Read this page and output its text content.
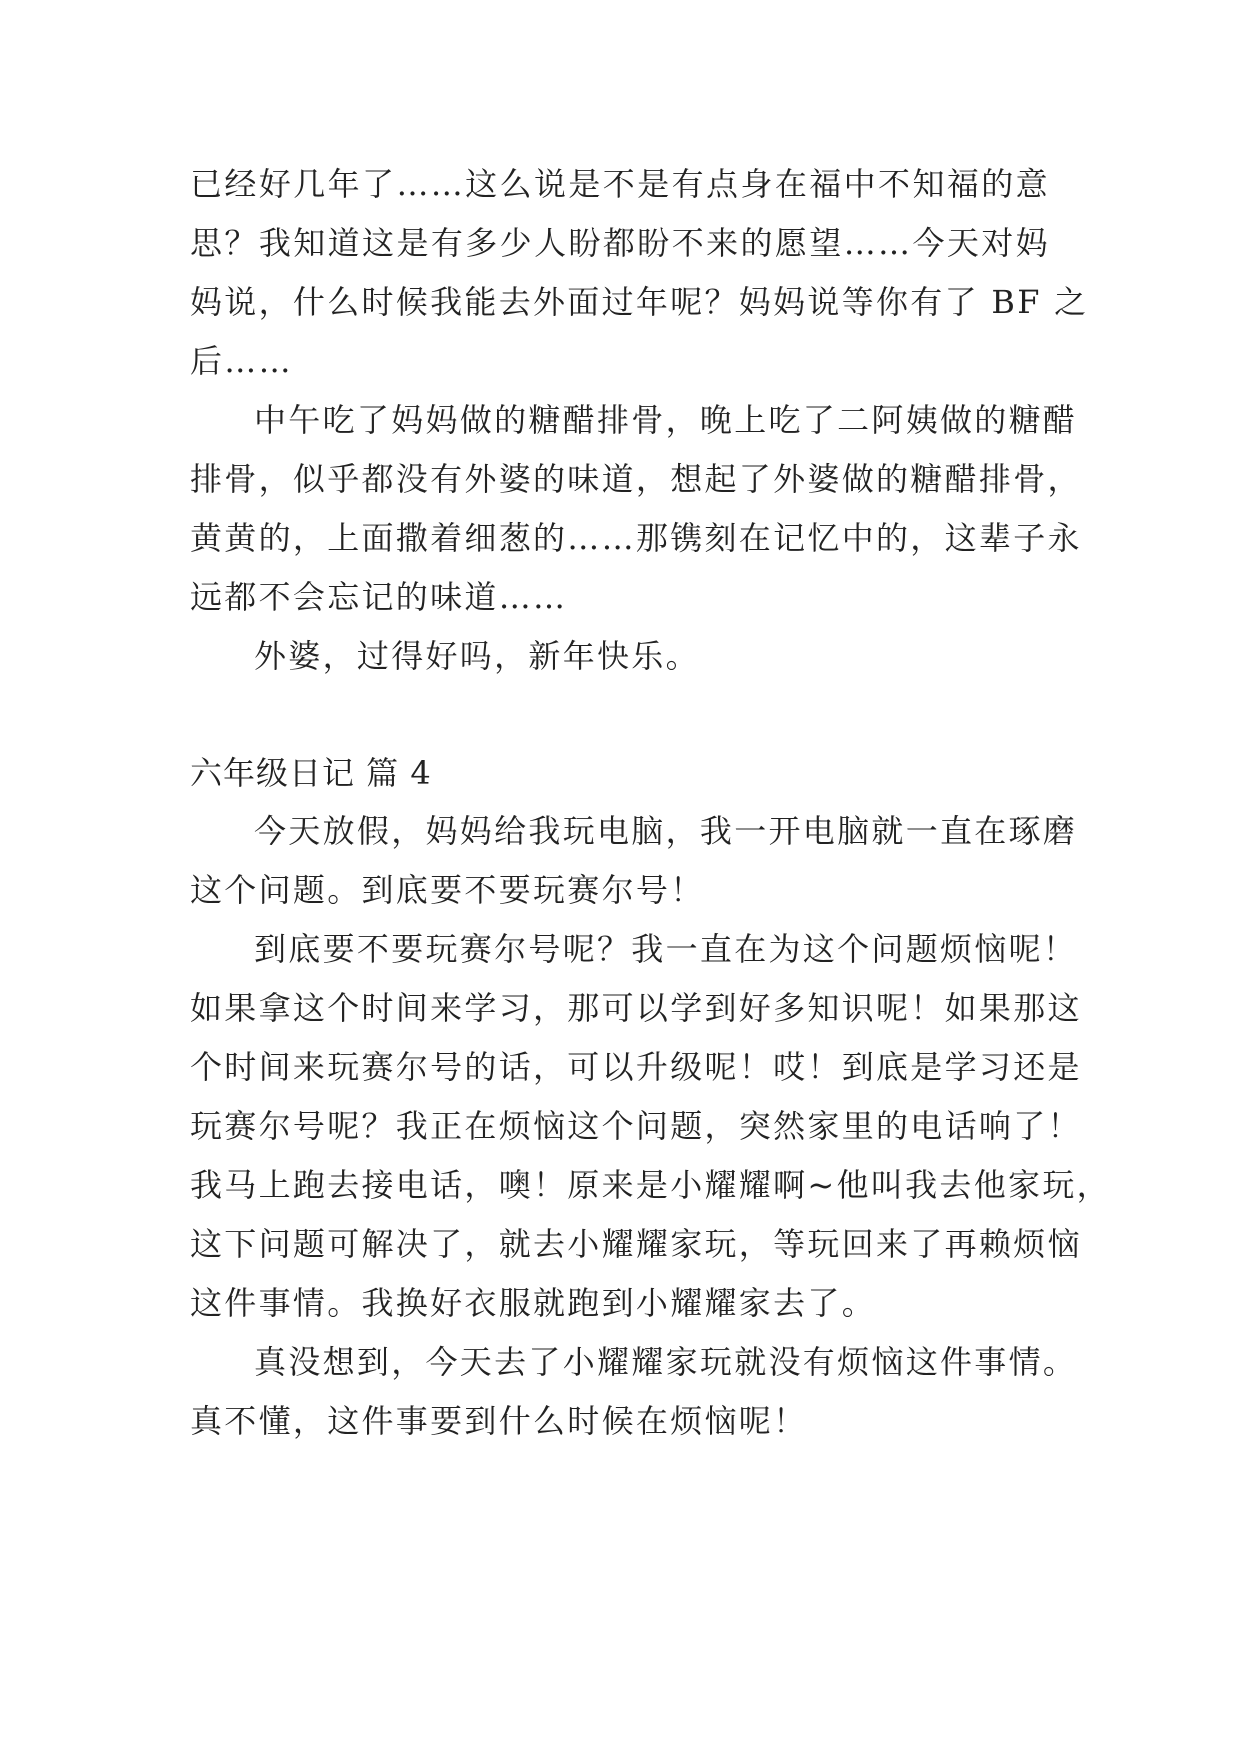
已经好几年了……这么说是不是有点身在福中不知福的意
思？我知道这是有多少人盼都盼不来的愿望……今天对妈
妈说，什么时候我能去外面过年呢？妈妈说等你有了 BF 之
后……
中午吃了妈妈做的糖醋排骨，晚上吃了二阿姨做的糖醋
排骨，似乎都没有外婆的味道，想起了外婆做的糖醋排骨，
黄黄的，上面撒着细葱的……那镌刻在记忆中的，这辈子永
远都不会忘记的味道……
外婆，过得好吗，新年快乐。
六年级日记 篇 4
今天放假，妈妈给我玩电脑，我一开电脑就一直在琢磨
这个问题。到底要不要玩赛尔号！
到底要不要玩赛尔号呢？我一直在为这个问题烦恼呢！
如果拿这个时间来学习，那可以学到好多知识呢！如果那这
个时间来玩赛尔号的话，可以升级呢！哎！到底是学习还是
玩赛尔号呢？我正在烦恼这个问题，突然家里的电话响了！
我马上跑去接电话，噢！原来是小耀耀啊~他叫我去他家玩，
这下问题可解决了，就去小耀耀家玩，等玩回来了再赖烦恼
这件事情。我换好衣服就跑到小耀耀家去了。
真没想到，今天去了小耀耀家玩就没有烦恼这件事情。
真不懂，这件事要到什么时候在烦恼呢！
